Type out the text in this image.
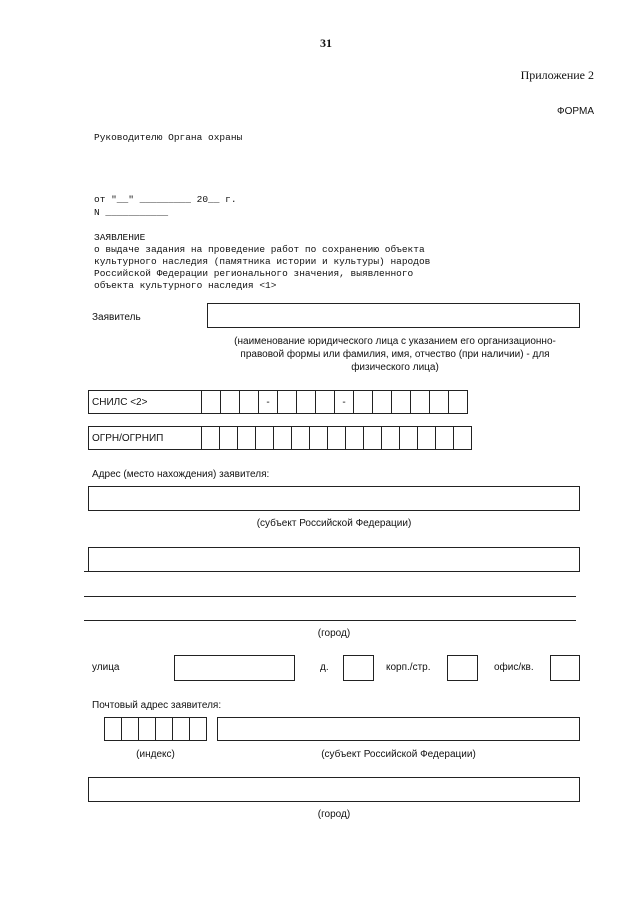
31
Приложение 2
ФОРМА
Руководителю Органа охраны
от "__" _________ 20__ г.
N ___________
ЗАЯВЛЕНИЕ
о выдаче задания на проведение работ по сохранению объекта
культурного наследия (памятника истории и культуры) народов
Российской Федерации регионального значения, выявленного
объекта культурного наследия <1>
Заявитель
(наименование юридического лица с указанием его организационно-
правовой формы или фамилия, имя, отчество (при наличии) - для
физического лица)
СНИЛС <2>	-	-
ОГРН/ОГРНИП
Адрес (место нахождения) заявителя:
(субъект Российской Федерации)
(город)
улица	д.	корп./стр.	офис/кв.
Почтовый адрес заявителя:
(индекс)	(субъект Российской Федерации)
(город)
